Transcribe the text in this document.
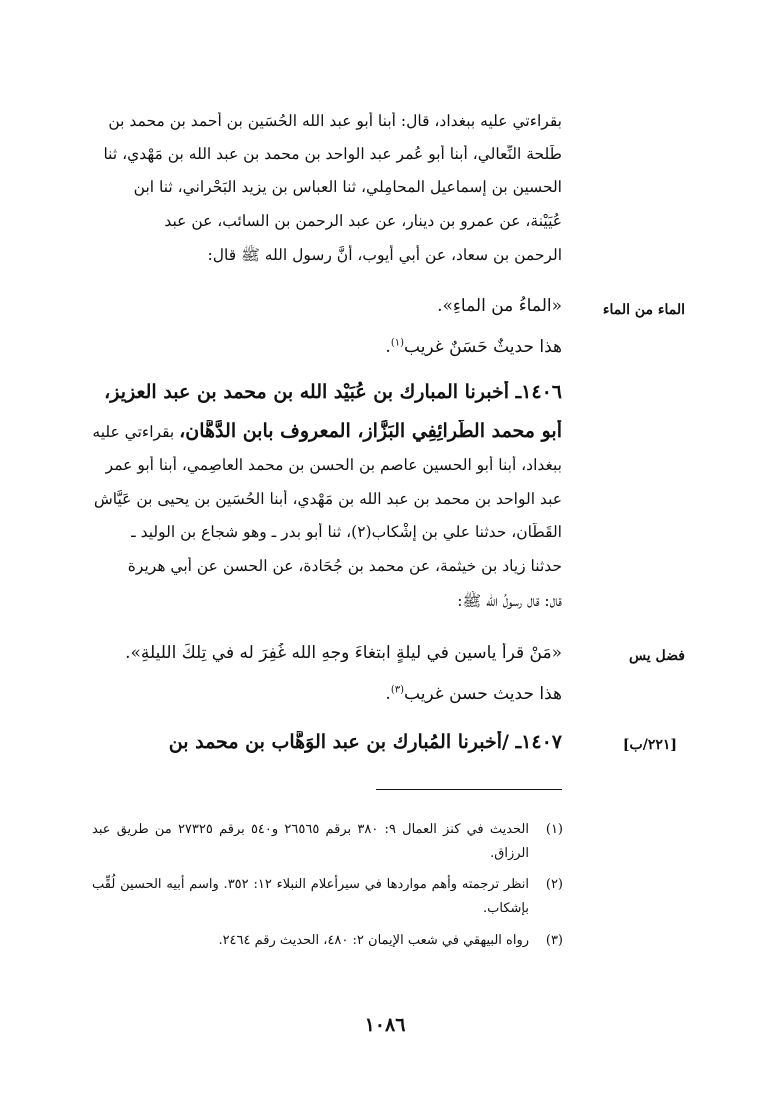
بقراءتي عليه ببغداد، قال: أبنا أبو عبد الله الحُسَين بن أحمد بن محمد بن
طَلحة النِّعالي، أبنا أبو عُمر عبد الواحد بن محمد بن عبد الله بن مَهْدي، ثنا
الحسين بن إسماعيل المحامِلي، ثنا العباس بن يزيد البَحْراني، ثنا ابن
عُيَيْنة، عن عمرِو بن دينار، عن عبد الرحمن بن السائب، عن عبد
الرحمن بن سعاد، عن أبي أيوب، أنَّ رسول الله ﷺ قال:
الماء من الماء
«الماءُ من الماءِ».
هذا حديثٌ حَسَنٌ غريب$^{(١)}$.
١٤٠٦ـ أخبرنا المبارك بن عُبَيْد الله بن محمد بن عبد العزيز،
أبو محمد الطَّرائِفِي البَزَّاز، المعروف بابن الدَّهَّان، بقراءتي عليه
ببغداد، أبنا أبو الحسين عاصم بن الحسن بن محمد العاصِمي، أبنا أبو عمر
عبد الواحد بن محمد بن عبد الله بن مَهْدي، أبنا الحُسَين بن يحيى بن عَيَّاش
القَطَّان، حدثنا علي بن إشْكاب(٢)، ثنا أبو بدر ـ وهو شجاع بن الوليد ـ
حدثنا زياد بن خيثمة، عن محمد بن جُحَادة، عن الحسن عن أبي هريرة
قال: قال رسولُ الله ﷺ:
فضل يس
«مَنْ قرأ ياسين في ليلةٍ ابتغاءَ وجهِ الله غُفِرَ له في تِلكَ الليلةِ».
هذا حديث حسن غريب$^{(٣)}$.
[٢٢١/ب]
١٤٠٧ـ /أخبرنا المُبارك بن عبد الوَهَّاب بن محمد بن
(١)
الحديث في كنز العمال ٩: ٣٨٠ برقم ٢٦٥٦٥ و٥٤٠ برقم ٢٧٣٢٥ من طريق عبد الرزاق.
(٢)
انظر ترجمته وأهم مواردها في سيرأعلام النبلاء ١٢: ٣٥٢. واسم أبيه الحسين لُقِّب بإشكاب.
(٣)
رواه البيهقي في شعب الإيمان ٢: ٤٨٠، الحديث رقم ٢٤٦٤.
١٠٨٦
